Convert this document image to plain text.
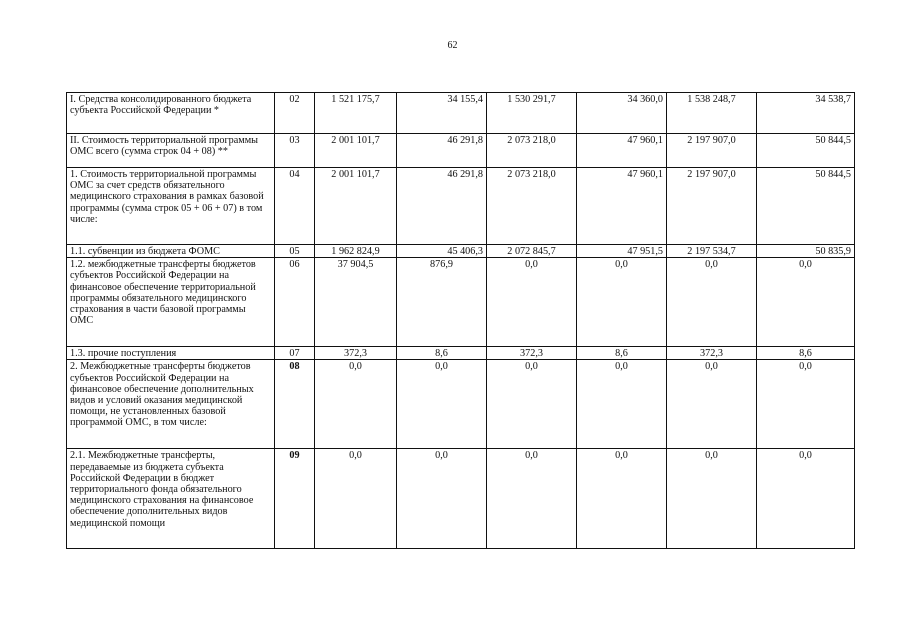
62
I. Средства консолидированного бюджета субъекта Российской Федерации *	02	1 521 175,7	34 155,4	1 530 291,7	34 360,0	1 538 248,7	34 538,7
II. Стоимость территориальной программы ОМС всего (сумма строк 04 + 08) **	03	2 001 101,7	46 291,8	2 073 218,0	47 960,1	2 197 907,0	50 844,5
1. Стоимость территориальной программы ОМС за счет средств обязательного медицинского страхования в рамках базовой программы (сумма строк 05 + 06 + 07) в том числе:	04	2 001 101,7	46 291,8	2 073 218,0	47 960,1	2 197 907,0	50 844,5
1.1. субвенции из бюджета ФОМС	05	1 962 824,9	45 406,3	2 072 845,7	47 951,5	2 197 534,7	50 835,9
1.2. межбюджетные трансферты бюджетов субъектов Российской Федерации на финансовое обеспечение территориальной программы обязательного медицинского страхования в части базовой программы ОМС	06	37 904,5	876,9	0,0	0,0	0,0	0,0
1.3. прочие поступления	07	372,3	8,6	372,3	8,6	372,3	8,6
2. Межбюджетные трансферты бюджетов субъектов Российской Федерации на финансовое обеспечение дополнительных видов и условий оказания медицинской помощи, не установленных базовой программой ОМС, в том числе:	08	0,0	0,0	0,0	0,0	0,0	0,0
2.1. Межбюджетные трансферты, передаваемые из бюджета субъекта Российской Федерации в бюджет территориального фонда обязательного медицинского страхования на финансовое обеспечение дополнительных видов медицинской помощи	09	0,0	0,0	0,0	0,0	0,0	0,0
